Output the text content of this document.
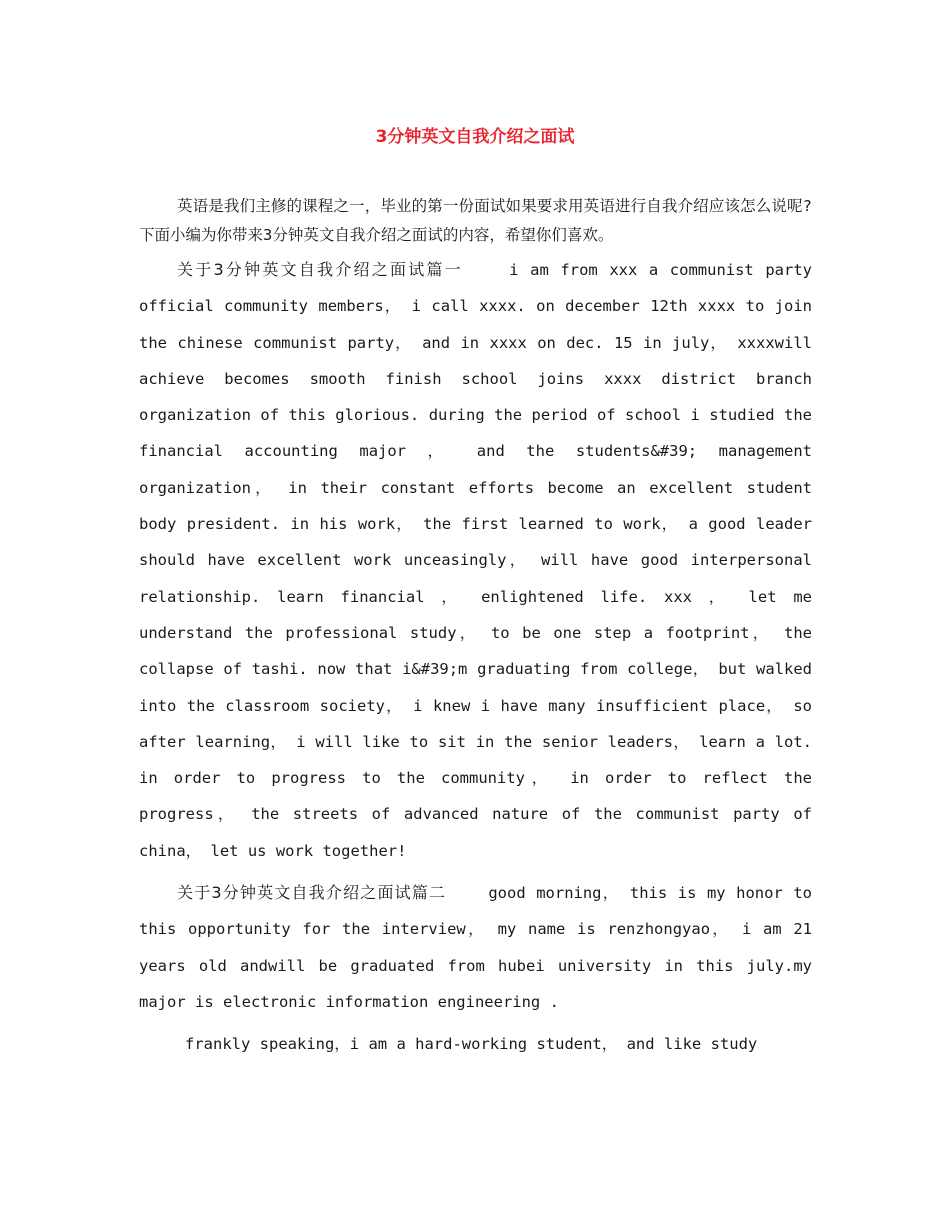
3分钟英文自我介绍之面试

英语是我们主修的课程之一，毕业的第一份面试如果要求用英语进行自我介绍应该怎么说呢?下面小编为你带来3分钟英文自我介绍之面试的内容，希望你们喜欢。

关于3分钟英文自我介绍之面试篇一	i am from xxx a communist party official community members， i call xxxx. on december 12th xxxx to join the chinese communist party， and in xxxx on dec. 15 in july， xxxxwill achieve becomes smooth finish school joins xxxx district branch organization of this glorious. during the period of school i studied the financial accounting major ， and the students&#39; management organization， in their constant efforts become an excellent student body president. in his work， the first learned to work， a good leader should have excellent work unceasingly， will have good interpersonal relationship. learn financial ， enlightened life. xxx ， let me understand the professional study， to be one step a footprint， the collapse of tashi. now that i&#39;m graduating from college， but walked into the classroom society， i knew i have many insufficient place， so after learning， i will like to sit in the senior leaders， learn a lot. in order to progress to the community， in order to reflect the progress， the streets of advanced nature of the communist party of china， let us work together!

关于3分钟英文自我介绍之面试篇二	good morning， this is my honor to this opportunity for the interview， my name is renzhongyao， i am 21 years old andwill be graduated from hubei university in this july.my major is electronic information engineering .

frankly speaking，i am a hard-working student， and like study
